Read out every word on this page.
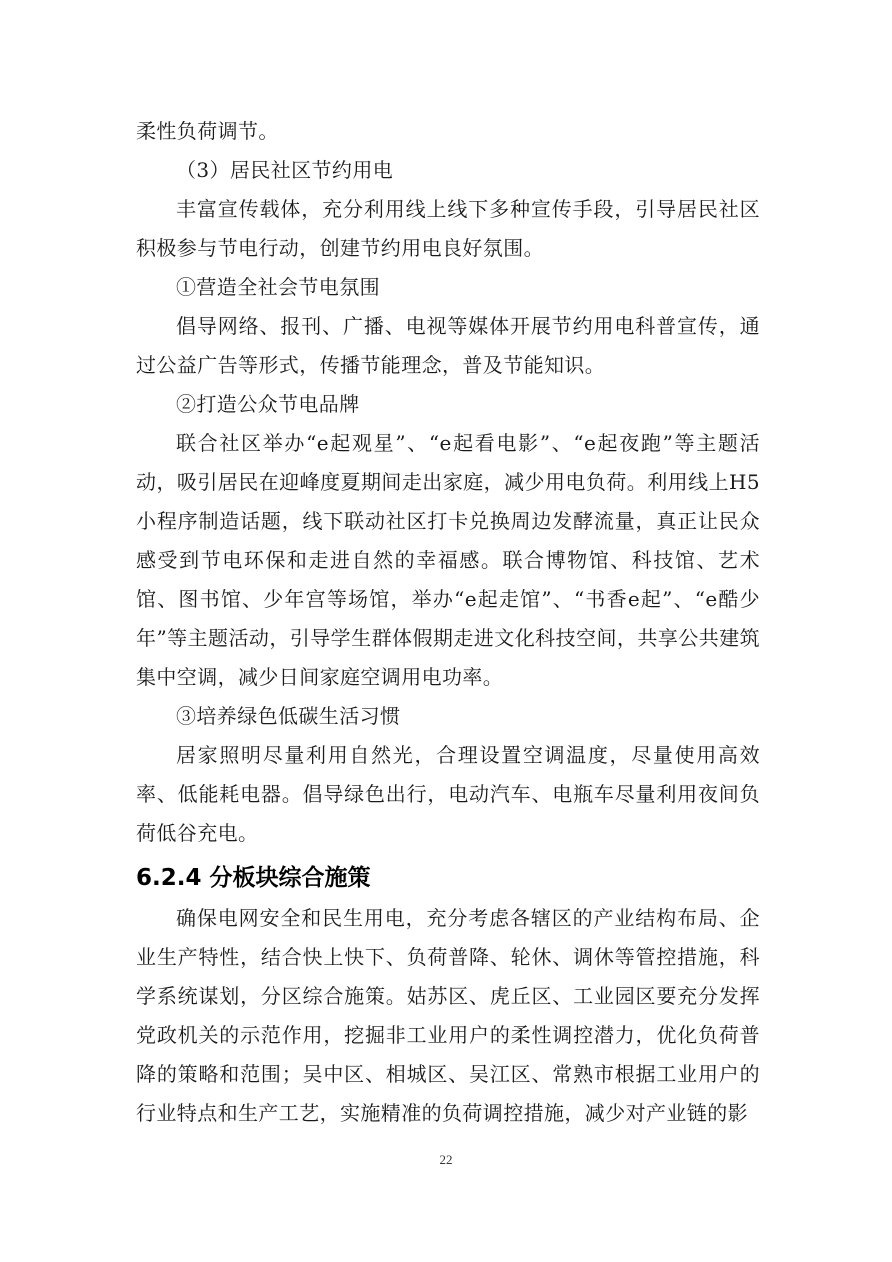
柔性负荷调节。

（3）居民社区节约用电

丰富宣传载体，充分利用线上线下多种宣传手段，引导居民社区积极参与节电行动，创建节约用电良好氛围。

①营造全社会节电氛围

倡导网络、报刊、广播、电视等媒体开展节约用电科普宣传，通过公益广告等形式，传播节能理念，普及节能知识。

②打造公众节电品牌

联合社区举办“e起观星”、“e起看电影”、“e起夜跑”等主题活动，吸引居民在迎峰度夏期间走出家庭，减少用电负荷。利用线上H5小程序制造话题，线下联动社区打卡兑换周边发酵流量，真正让民众感受到节电环保和走进自然的幸福感。联合博物馆、科技馆、艺术馆、图书馆、少年宫等场馆，举办“e起走馆”、“书香e起”、“e酷少年”等主题活动，引导学生群体假期走进文化科技空间，共享公共建筑集中空调，减少日间家庭空调用电功率。

③培养绿色低碳生活习惯

居家照明尽量利用自然光，合理设置空调温度，尽量使用高效率、低能耗电器。倡导绿色出行，电动汽车、电瓶车尽量利用夜间负荷低谷充电。

6.2.4 分板块综合施策

确保电网安全和民生用电，充分考虑各辖区的产业结构布局、企业生产特性，结合快上快下、负荷普降、轮休、调休等管控措施，科学系统谋划，分区综合施策。姑苏区、虎丘区、工业园区要充分发挥党政机关的示范作用，挖掘非工业用户的柔性调控潜力，优化负荷普降的策略和范围；吴中区、相城区、吴江区、常熟市根据工业用户的行业特点和生产工艺，实施精准的负荷调控措施，减少对产业链的影

22
